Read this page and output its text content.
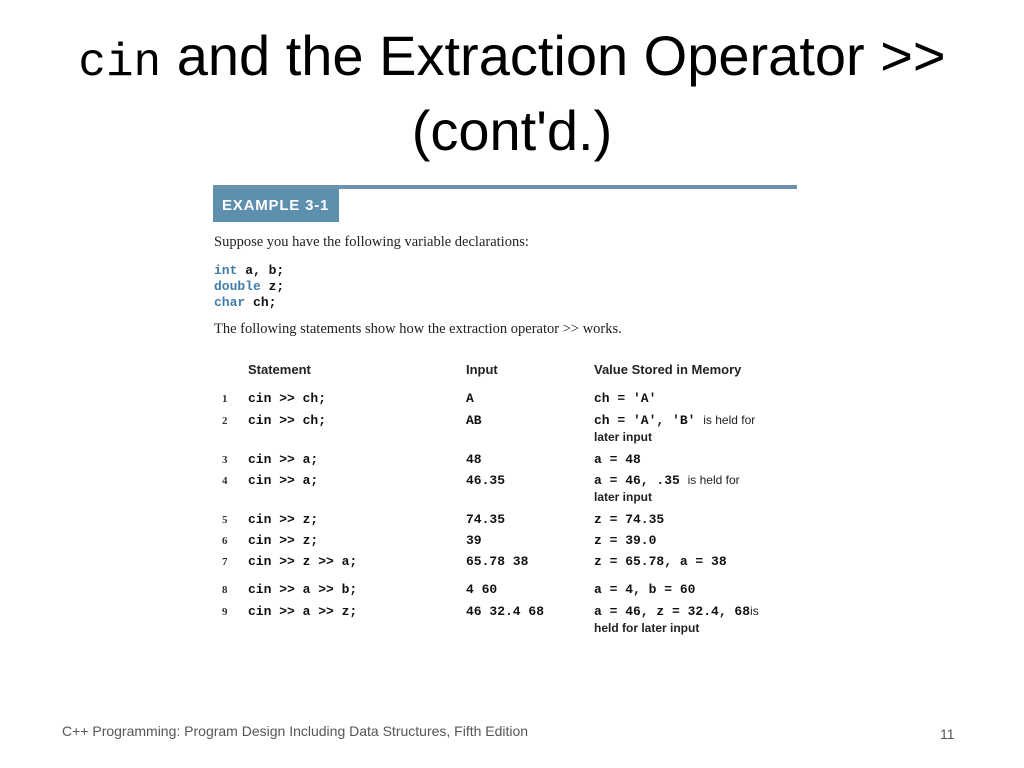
cin and the Extraction Operator >>
(cont'd.)
EXAMPLE 3-1
Suppose you have the following variable declarations:
int a, b;
double z;
char ch;
The following statements show how the extraction operator >> works.
Statement	Input	Value Stored in Memory
1	cin >> ch;	A	ch = 'A'
2	cin >> ch;	AB	ch = 'A', 'B' is held for
later input
3	cin >> a;	48	a = 48
4	cin >> a;	46.35	a = 46, .35 is held for
later input
5	cin >> z;	74.35	z = 74.35
6	cin >> z;	39	z = 39.0
7	cin >> z >> a;	65.78 38	z = 65.78, a = 38
8	cin >> a >> b;	4 60	a = 4, b = 60
9	cin >> a >> z;	46 32.4 68	a = 46, z = 32.4, 68is
held for later input
C++ Programming: Program Design Including Data Structures, Fifth Edition	11
